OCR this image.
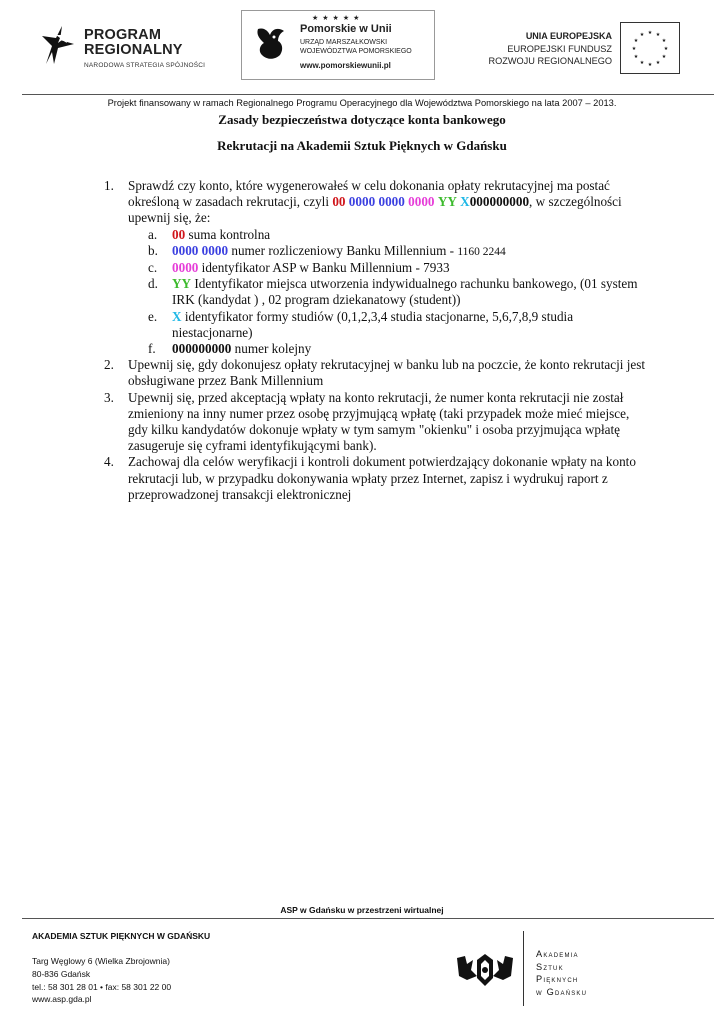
PROGRAM
REGIONALNY
NARODOWA STRATEGIA SPÓJNOŚCI
★★★★★
Pomorskie w Unii
URZĄD MARSZAŁKOWSKI
WOJEWÓDZTWA POMORSKIEGO
www.pomorskiewunii.pl
UNIA EUROPEJSKA
EUROPEJSKI FUNDUSZ
ROZWOJU REGIONALNEGO
★ ★
★
★
★
★
★
★
★
★
★
★
Projekt finansowany w ramach Regionalnego Programu Operacyjnego dla Województwa Pomorskiego na lata 2007 – 2013.
Zasady bezpieczeństwa dotyczące konta bankowego
Rekrutacji na Akademii Sztuk Pięknych w Gdańsku
1. Sprawdź czy konto, które wygenerowałeś w celu dokonania opłaty rekrutacyjnej ma postać określoną w zasadach rekrutacji, czyli 00 0000 0000 0000 YY X000000000, w szczególności upewnij się, że:
a. 00 suma kontrolna
b. 0000 0000 numer rozliczeniowy Banku Millennium - 1160 2244
c. 0000 identyfikator ASP w Banku Millennium - 7933
d. YY Identyfikator miejsca utworzenia indywidualnego rachunku bankowego, (01 system IRK (kandydat ) , 02 program dziekanatowy (student))
e. X identyfikator formy studiów (0,1,2,3,4 studia stacjonarne, 5,6,7,8,9 studia niestacjonarne)
f. 000000000 numer kolejny
2. Upewnij się, gdy dokonujesz opłaty rekrutacyjnej w banku lub na poczcie, że konto rekrutacji jest obsługiwane przez Bank Millennium
3. Upewnij się, przed akceptacją wpłaty na konto rekrutacji, że numer konta rekrutacji nie został zmieniony na inny numer przez osobę przyjmującą wpłatę (taki przypadek może mieć miejsce, gdy kilku kandydatów dokonuje wpłaty w tym samym "okienku" i osoba przyjmująca wpłatę zasugeruje się cyframi identyfikującymi bank).
4. Zachowaj dla celów weryfikacji i kontroli dokument potwierdzający dokonanie wpłaty na konto rekrutacji lub, w przypadku dokonywania wpłaty przez Internet, zapisz i wydrukuj raport z przeprowadzonej transakcji elektronicznej
ASP w Gdańsku w przestrzeni wirtualnej
AKADEMIA SZTUK PIĘKNYCH W GDAŃSKU
Targ Węglowy 6 (Wielka Zbrojownia)
80-836 Gdańsk
tel.: 58 301 28 01 • fax: 58 301 22 00
www.asp.gda.pl
Akademia
Sztuk
Pięknych
w Gdańsku
